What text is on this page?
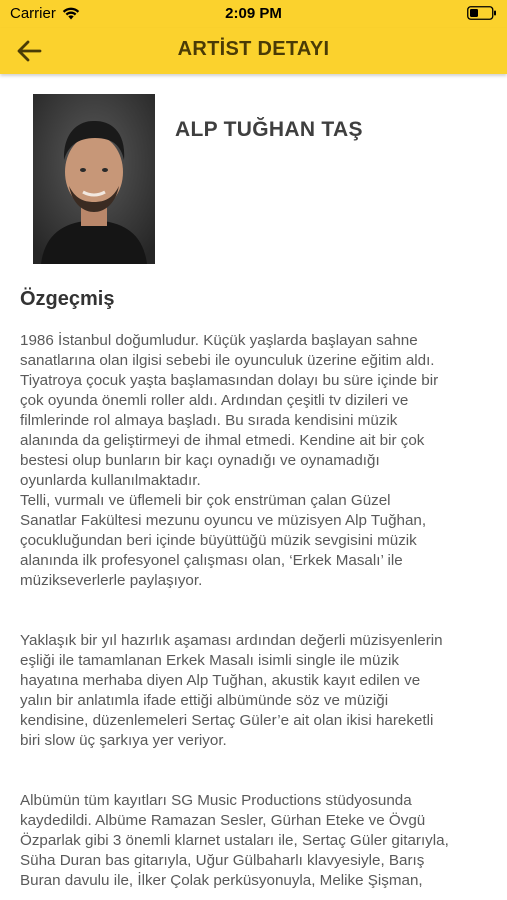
Carrier	2:09 PM
ARTİST DETAYI
ALP TUĞHAN TAŞ
Özgeçmiş

1986 İstanbul doğumludur. Küçük yaşlarda başlayan sahne

sanatlarına olan ilgisi sebebi ile oyunculuk üzerine eğitim aldı.

Tiyatroya çocuk yaşta başlamasından dolayı bu süre içinde bir

çok oyunda önemli roller aldı. Ardından çeşitli tv dizileri ve

filmlerinde rol almaya başladı. Bu sırada kendisini müzik

alanında da geliştirmeyi de ihmal etmedi. Kendine ait bir çok

bestesi olup bunların bir kaçı oynadığı ve oynamadığı

oyunlarda kullanılmaktadır.

Telli, vurmalı ve üflemeli bir çok enstrüman çalan Güzel

Sanatlar Fakültesi mezunu oyuncu ve müzisyen Alp Tuğhan,

çocukluğundan beri içinde büyüttüğü müzik sevgisini müzik

alanında ilk profesyonel çalışması olan, ‘Erkek Masalı’ ile

müzikseverlerle paylaşıyor.

Yaklaşık bir yıl hazırlık aşaması ardından değerli müzisyenlerin

eşliği ile tamamlanan Erkek Masalı isimli single ile müzik

hayatına merhaba diyen Alp Tuğhan, akustik kayıt edilen ve

yalın bir anlatımla ifade ettiği albümünde söz ve müziği

kendisine, düzenlemeleri Sertaç Güler’e ait olan ikisi hareketli

biri slow üç şarkıya yer veriyor.

Albümün tüm kayıtları SG Music Productions stüdyosunda

kaydedildi. Albüme Ramazan Sesler, Gürhan Eteke ve Övgü

Özparlak gibi 3 önemli klarnet ustaları ile, Sertaç Güler gitarıyla,

Süha Duran bas gitarıyla, Uğur Gülbaharlı klavyesiyle, Barış

Buran davulu ile, İlker Çolak perküsyonuyla, Melike Şişman,
